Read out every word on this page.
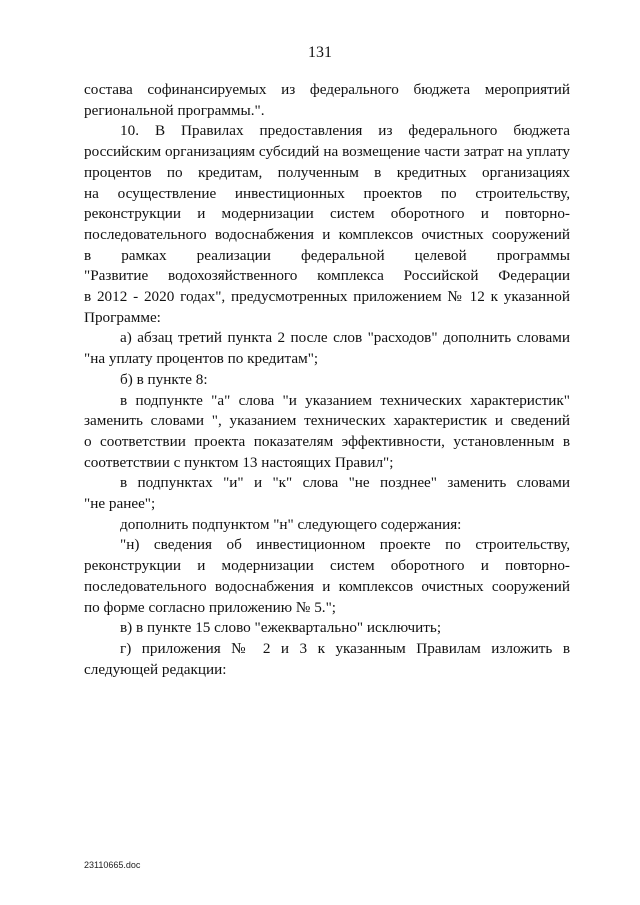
131
состава софинансируемых из федерального бюджета мероприятий
региональной программы.".
10. В Правилах предоставления из федерального бюджета
российским организациям субсидий на возмещение части затрат на уплату
процентов по кредитам, полученным в кредитных организациях
на осуществление инвестиционных проектов по строительству,
реконструкции и модернизации систем оборотного и повторно-
последовательного водоснабжения и комплексов очистных сооружений
в рамках реализации федеральной целевой программы
"Развитие водохозяйственного комплекса Российской Федерации
в 2012 - 2020 годах", предусмотренных приложением № 12 к указанной
Программе:
а) абзац третий пункта 2 после слов "расходов" дополнить словами
"на уплату процентов по кредитам";
б) в пункте 8:
в подпункте "а" слова "и указанием технических характеристик"
заменить словами ", указанием технических характеристик и сведений
о соответствии проекта показателям эффективности, установленным в
соответствии с пунктом 13 настоящих Правил";
в подпунктах "и" и "к" слова "не позднее" заменить словами
"не ранее";
дополнить подпунктом "н" следующего содержания:
"н) сведения об инвестиционном проекте по строительству,
реконструкции и модернизации систем оборотного и повторно-
последовательного водоснабжения и комплексов очистных сооружений
по форме согласно приложению № 5.";
в) в пункте 15 слово "ежеквартально" исключить;
г) приложения № 2 и 3 к указанным Правилам изложить в
следующей редакции:
23110665.doc
